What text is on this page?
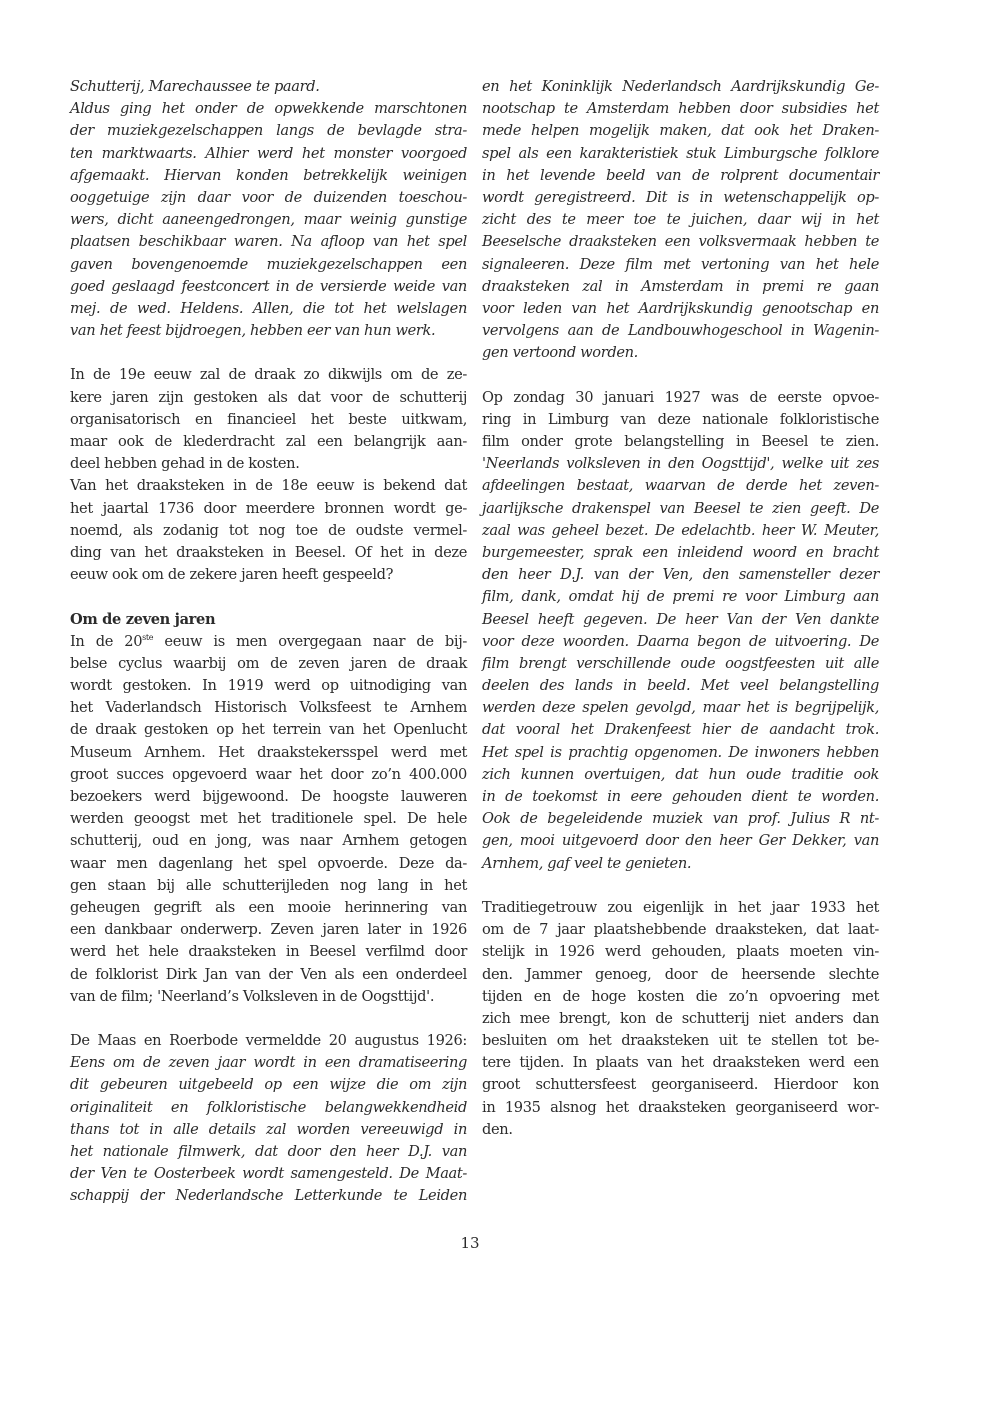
Schutterij, Marechaussee te paard.
Aldus ging het onder de opwekkende marschtonen
der muziekgezelschappen langs de bevlagde stra-
ten marktwaarts. Alhier werd het monster voorgoed
afgemaakt. Hiervan konden betrekkelijk weinigen
ooggetuige zijn daar voor de duizenden toeschou-
wers, dicht aaneengedrongen, maar weinig gunstige
plaatsen beschikbaar waren. Na afloop van het spel
gaven bovengenoemde muziekgezelschappen een
goed geslaagd feestconcert in de versierde weide van
mej. de wed. Heldens. Allen, die tot het welslagen
van het feest bijdroegen, hebben eer van hun werk.
In de 19e eeuw zal de draak zo dikwijls om de ze-
kere jaren zijn gestoken als dat voor de schutterij
organisatorisch en financieel het beste uitkwam,
maar ook de klederdracht zal een belangrijk aan-
deel hebben gehad in de kosten.
Van het draaksteken in de 18e eeuw is bekend dat
het jaartal 1736 door meerdere bronnen wordt ge-
noemd, als zodanig tot nog toe de oudste vermel-
ding van het draaksteken in Beesel. Of het in deze
eeuw ook om de zekere jaren heeft gespeeld?
Om de zeven jaren
In de 20ste eeuw is men overgegaan naar de bij-
belse cyclus waarbij om de zeven jaren de draak
wordt gestoken. In 1919 werd op uitnodiging van
het Vaderlandsch Historisch Volksfeest te Arnhem
de draak gestoken op het terrein van het Openlucht
Museum Arnhem. Het draakstekersspel werd met
groot succes opgevoerd waar het door zo’n 400.000
bezoekers werd bijgewoond. De hoogste lauweren
werden geoogst met het traditionele spel. De hele
schutterij, oud en jong, was naar Arnhem getogen
waar men dagenlang het spel opvoerde. Deze da-
gen staan bij alle schutterijleden nog lang in het
geheugen gegrift als een mooie herinnering van
een dankbaar onderwerp. Zeven jaren later in 1926
werd het hele draaksteken in Beesel verfilmd door
de folklorist Dirk Jan van der Ven als een onderdeel
van de film; 'Neerland’s Volksleven in de Oogsttijd'.
De Maas en Roerbode vermeldde 20 augustus 1926:
Eens om de zeven jaar wordt in een dramatiseering
dit gebeuren uitgebeeld op een wijze die om zijn
originaliteit en folkloristische belangwekkendheid
thans tot in alle details zal worden vereeuwigd in
het nationale filmwerk, dat door den heer D.J. van
der Ven te Oosterbeek wordt samengesteld. De Maat-
schappij der Nederlandsche Letterkunde te Leiden
en het Koninklijk Nederlandsch Aardrijkskundig Ge-
nootschap te Amsterdam hebben door subsidies het
mede helpen mogelijk maken, dat ook het Draken-
spel als een karakteristiek stuk Limburgsche folklore
in het levende beeld van de rolprent documentair
wordt geregistreerd. Dit is in wetenschappelijk op-
zicht des te meer toe te juichen, daar wij in het
Beeselsche draaksteken een volksvermaak hebben te
signaleeren. Deze film met vertoning van het hele
draaksteken zal in Amsterdam in premi re gaan
voor leden van het Aardrijkskundig genootschap en
vervolgens aan de Landbouwhogeschool in Wagenin-
gen vertoond worden.
Op zondag 30 januari 1927 was de eerste opvoe-
ring in Limburg van deze nationale folkloristische
film onder grote belangstelling in Beesel te zien.
'Neerlands volksleven in den Oogsttijd', welke uit zes
afdeelingen bestaat, waarvan de derde het zeven-
jaarlijksche drakenspel van Beesel te zien geeft. De
zaal was geheel bezet. De edelachtb. heer W. Meuter,
burgemeester, sprak een inleidend woord en bracht
den heer D.J. van der Ven, den samensteller dezer
film, dank, omdat hij de premi re voor Limburg aan
Beesel heeft gegeven. De heer Van der Ven dankte
voor deze woorden. Daarna begon de uitvoering. De
film brengt verschillende oude oogstfeesten uit alle
deelen des lands in beeld. Met veel belangstelling
werden deze spelen gevolgd, maar het is begrijpelijk,
dat vooral het Drakenfeest hier de aandacht trok.
Het spel is prachtig opgenomen. De inwoners hebben
zich kunnen overtuigen, dat hun oude traditie ook
in de toekomst in eere gehouden dient te worden.
Ook de begeleidende muziek van prof. Julius R nt-
gen, mooi uitgevoerd door den heer Ger Dekker, van
Arnhem, gaf veel te genieten.
Traditiegetrouw zou eigenlijk in het jaar 1933 het
om de 7 jaar plaatshebbende draaksteken, dat laat-
stelijk in 1926 werd gehouden, plaats moeten vin-
den. Jammer genoeg, door de heersende slechte
tijden en de hoge kosten die zo’n opvoering met
zich mee brengt, kon de schutterij niet anders dan
besluiten om het draaksteken uit te stellen tot be-
tere tijden. In plaats van het draaksteken werd een
groot schuttersfeest georganiseerd. Hierdoor kon
in 1935 alsnog het draaksteken georganiseerd wor-
den.
13
